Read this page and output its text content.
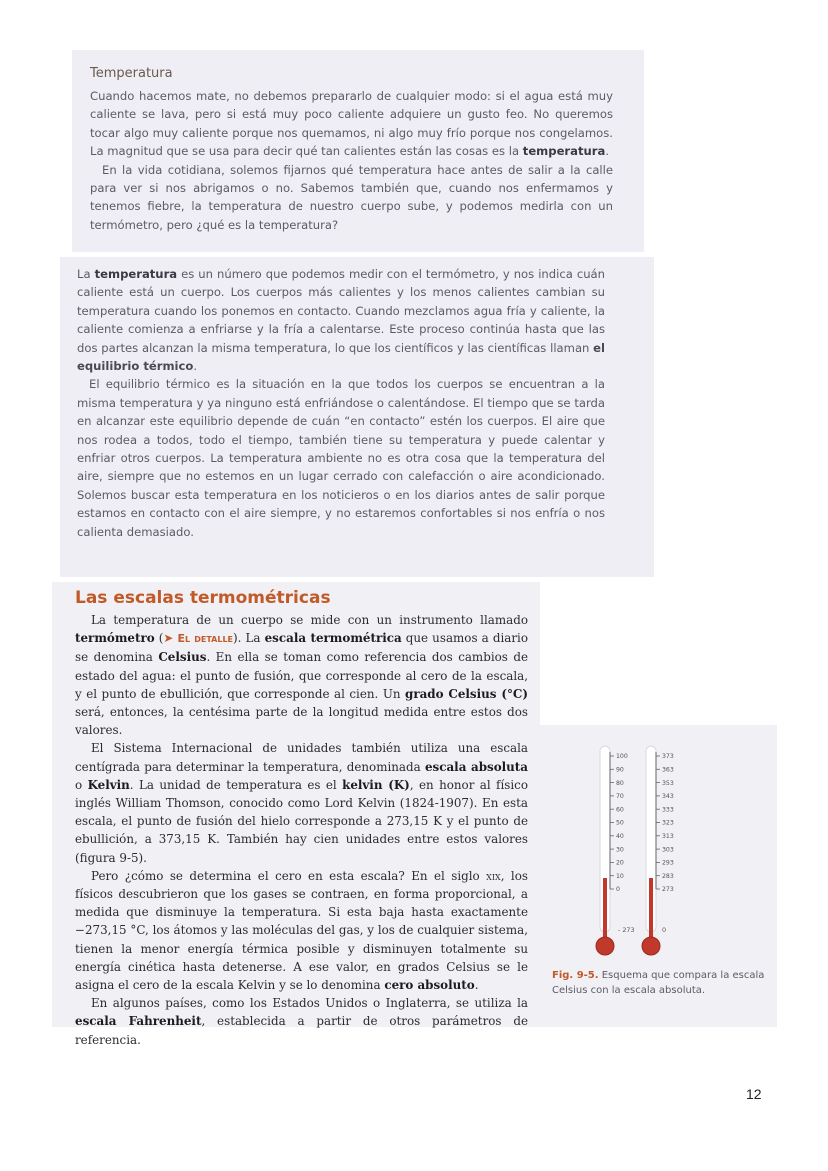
Temperatura

Cuando hacemos mate, no debemos prepararlo de cualquier modo: si el agua está muy caliente se lava, pero si está muy poco caliente adquiere un gusto feo. No queremos tocar algo muy caliente porque nos quemamos, ni algo muy frío porque nos congelamos. La magnitud que se usa para decir qué tan calientes están las cosas es la temperatura.

En la vida cotidiana, solemos fijarnos qué temperatura hace antes de salir a la calle para ver si nos abrigamos o no. Sabemos también que, cuando nos enfermamos y tenemos fiebre, la temperatura de nuestro cuerpo sube, y podemos medirla con un termómetro, pero ¿qué es la temperatura?

La temperatura es un número que podemos medir con el termómetro, y nos indica cuán caliente está un cuerpo. Los cuerpos más calientes y los menos calientes cambian su temperatura cuando los ponemos en contacto. Cuando mezclamos agua fría y caliente, la caliente comienza a enfriarse y la fría a calentarse. Este proceso continúa hasta que las dos partes alcanzan la misma temperatura, lo que los científicos y las científicas llaman el equilibrio térmico.

El equilibrio térmico es la situación en la que todos los cuerpos se encuentran a la misma temperatura y ya ninguno está enfriándose o calentándose. El tiempo que se tarda en alcanzar este equilibrio depende de cuán “en contacto” estén los cuerpos. El aire que nos rodea a todos, todo el tiempo, también tiene su temperatura y puede calentar y enfriar otros cuerpos. La temperatura ambiente no es otra cosa que la temperatura del aire, siempre que no estemos en un lugar cerrado con calefacción o aire acondicionado. Solemos buscar esta temperatura en los noticieros o en los diarios antes de salir porque estamos en contacto con el aire siempre, y no estaremos confortables si nos enfría o nos calienta demasiado.

Las escalas termométricas

La temperatura de un cuerpo se mide con un instrumento llamado termómetro (➤ El detalle). La escala termométrica que usamos a diario se denomina Celsius. En ella se toman como referencia dos cambios de estado del agua: el punto de fusión, que corresponde al cero de la escala, y el punto de ebullición, que corresponde al cien. Un grado Celsius (°C) será, entonces, la centésima parte de la longitud medida entre estos dos valores.

El Sistema Internacional de unidades también utiliza una escala centígrada para determinar la temperatura, denominada escala absoluta o Kelvin. La unidad de temperatura es el kelvin (K), en honor al físico inglés William Thomson, conocido como Lord Kelvin (1824-1907). En esta escala, el punto de fusión del hielo corresponde a 273,15 K y el punto de ebullición, a 373,15 K. También hay cien unidades entre estos valores (figura 9-5).

Pero ¿cómo se determina el cero en esta escala? En el siglo xix, los físicos descubrieron que los gases se contraen, en forma proporcional, a medida que disminuye la temperatura. Si esta baja hasta exactamente −273,15 °C, los átomos y las moléculas del gas, y los de cualquier sistema, tienen la menor energía térmica posible y disminuyen totalmente su energía cinética hasta detenerse. A ese valor, en grados Celsius se le asigna el cero de la escala Kelvin y se lo denomina cero absoluto.

En algunos países, como los Estados Unidos o Inglaterra, se utiliza la escala Fahrenheit, establecida a partir de otros parámetros de referencia.

100
90
80
70
60
50
40
30
20
10
0
- 273
373
363
353
343
333
323
313
303
293
283
273
0
Fig. 9-5. Esquema que compara la escala Celsius con la escala absoluta.
12
